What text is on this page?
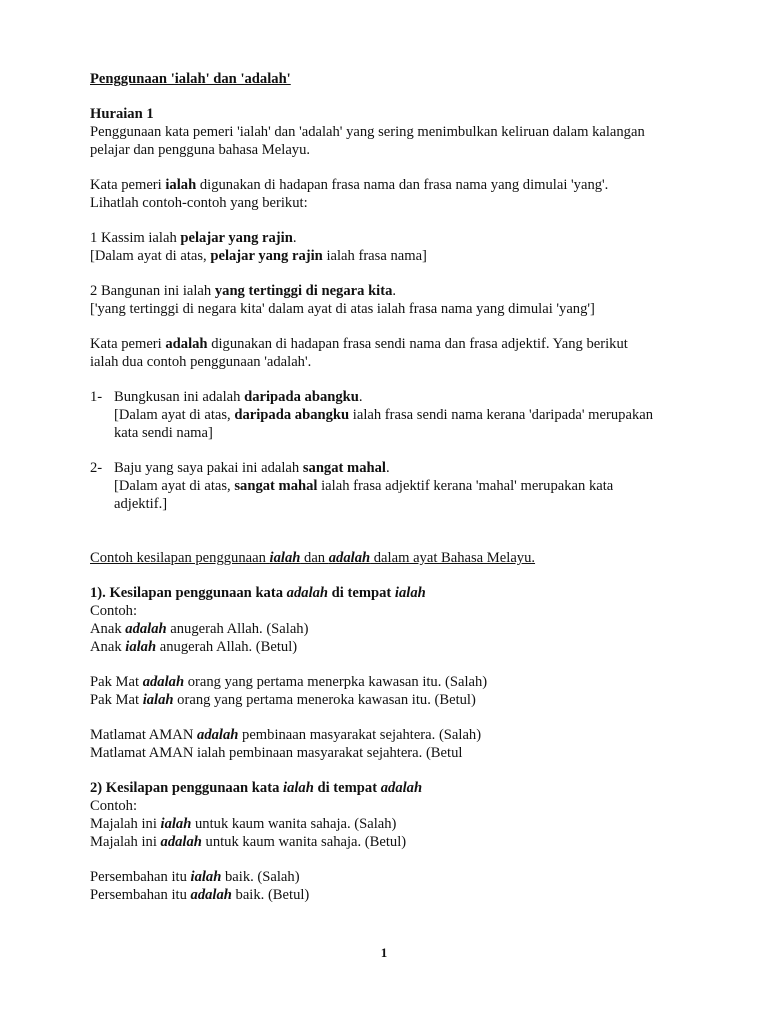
Penggunaan 'ialah' dan 'adalah'

Huraian 1

Penggunaan kata pemeri 'ialah' dan 'adalah' yang sering menimbulkan keliruan dalam kalangan

pelajar dan pengguna bahasa Melayu.

Kata pemeri ialah digunakan di hadapan frasa nama dan frasa nama yang dimulai 'yang'.

Lihatlah contoh-contoh yang berikut:

1 Kassim ialah pelajar yang rajin.

[Dalam ayat di atas, pelajar yang rajin ialah frasa nama]

2 Bangunan ini ialah yang tertinggi di negara kita.

['yang tertinggi di negara kita' dalam ayat di atas ialah frasa nama yang dimulai 'yang']

Kata pemeri adalah digunakan di hadapan frasa sendi nama dan frasa adjektif. Yang berikut

ialah dua contoh penggunaan 'adalah'.

1- Bungkusan ini adalah daripada abangku.

[Dalam ayat di atas, daripada abangku ialah frasa sendi nama kerana 'daripada' merupakan

kata sendi nama]

2- Baju yang saya pakai ini adalah sangat mahal.

[Dalam ayat di atas, sangat mahal ialah frasa adjektif kerana 'mahal' merupakan kata

adjektif.]

Contoh kesilapan penggunaan ialah dan adalah dalam ayat Bahasa Melayu.

1). Kesilapan penggunaan kata adalah di tempat ialah

Contoh:

Anak adalah anugerah Allah. (Salah)

Anak ialah anugerah Allah. (Betul)

Pak Mat adalah orang yang pertama menerpka kawasan itu. (Salah)

Pak Mat ialah orang yang pertama meneroka kawasan itu. (Betul)

Matlamat AMAN adalah pembinaan masyarakat sejahtera. (Salah)

Matlamat AMAN ialah pembinaan masyarakat sejahtera. (Betul

2) Kesilapan penggunaan kata ialah di tempat adalah

Contoh:

Majalah ini ialah untuk kaum wanita sahaja. (Salah)

Majalah ini adalah untuk kaum wanita sahaja. (Betul)

Persembahan itu ialah baik. (Salah)

Persembahan itu adalah baik. (Betul)

1
